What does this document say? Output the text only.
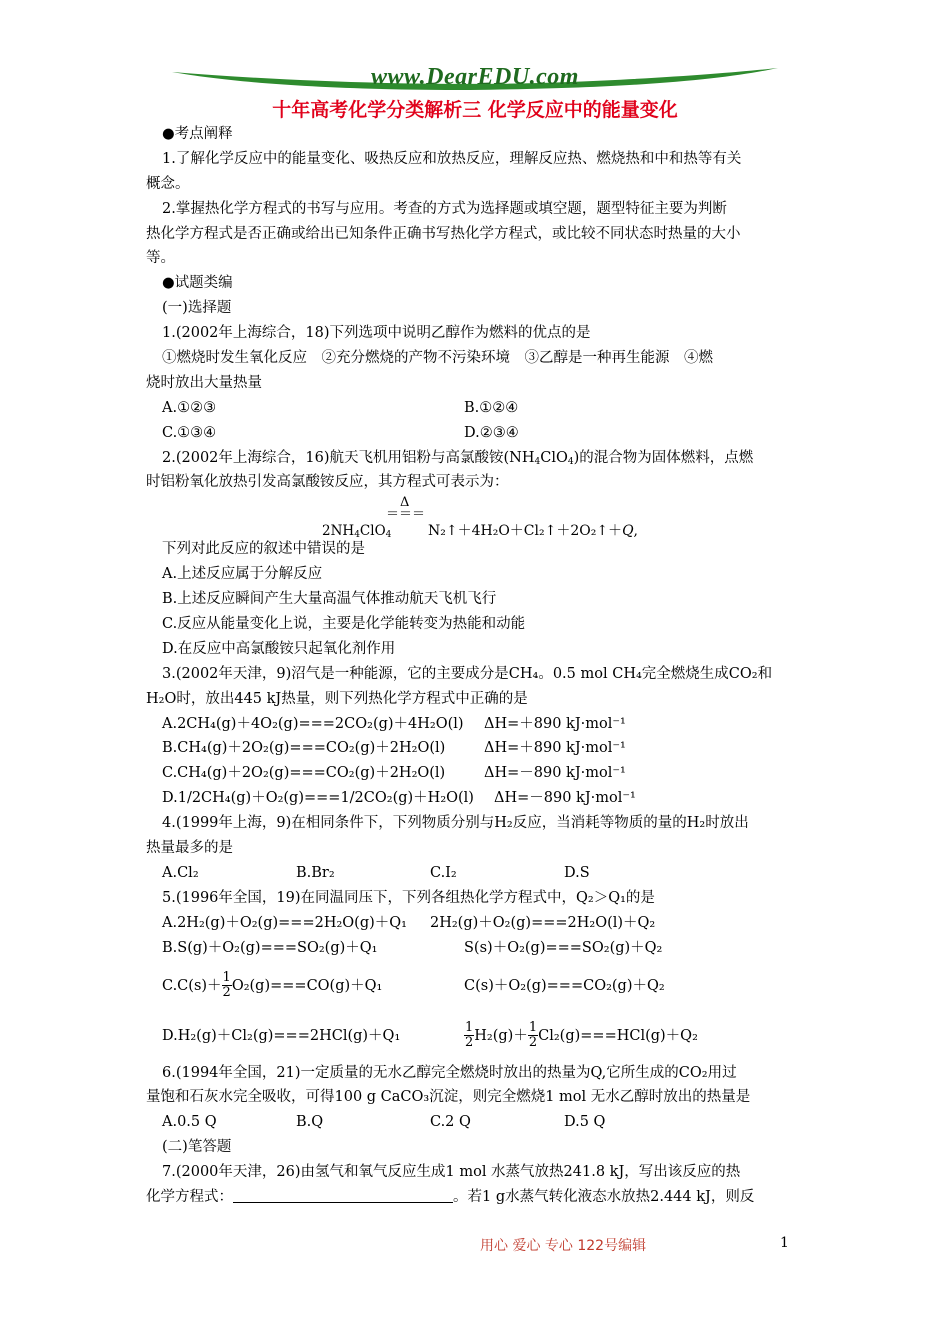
www.DearEDU.com
十年高考化学分类解析三 化学反应中的能量变化
●考点阐释
1.了解化学反应中的能量变化、吸热反应和放热反应，理解反应热、燃烧热和中和热等有关
概念。
2.掌握热化学方程式的书写与应用。考查的方式为选择题或填空题，题型特征主要为判断
热化学方程式是否正确或给出已知条件正确书写热化学方程式，或比较不同状态时热量的大小
等。
●试题类编
(一)选择题
1.(2002年上海综合，18)下列选项中说明乙醇作为燃料的优点的是
①燃烧时发生氧化反应　②充分燃烧的产物不污染环境　③乙醇是一种再生能源　④燃
烧时放出大量热量
A.①②③	B.①②④
C.①③④	D.②③④
2.(2002年上海综合，16)航天飞机用铝粉与高氯酸铵$(NH_4ClO_4)$的混合物为固体燃料，点燃
时铝粉氧化放热引发高氯酸铵反应，其方程式可表示为：
Δ
＝＝＝
$2NH_4ClO_4$	N₂↑＋4H₂O＋Cl₂↑＋2O₂↑＋Q,
下列对此反应的叙述中错误的是
A.上述反应属于分解反应
B.上述反应瞬间产生大量高温气体推动航天飞机飞行
C.反应从能量变化上说，主要是化学能转变为热能和动能
D.在反应中高氯酸铵只起氧化剂作用
3.(2002年天津，9)沼气是一种能源，它的主要成分是CH₄。0.5 mol CH₄完全燃烧生成CO₂和
H₂O时，放出445 kJ热量，则下列热化学方程式中正确的是
A.2CH₄(g)＋4O₂(g)===2CO₂(g)＋4H₂O(l) ΔH=＋890 kJ·mol⁻¹
B.CH₄(g)＋2O₂(g)===CO₂(g)＋2H₂O(l)	ΔH=＋890 kJ·mol⁻¹
C.CH₄(g)＋2O₂(g)===CO₂(g)＋2H₂O(l)	ΔH=－890 kJ·mol⁻¹
D.1/2CH₄(g)＋O₂(g)===1/2CO₂(g)＋H₂O(l) ΔH=－890 kJ·mol⁻¹
4.(1999年上海，9)在相同条件下，下列物质分别与H₂反应，当消耗等物质的量的H₂时放出
热量最多的是
A.Cl₂	B.Br₂	C.I₂	D.S
5.(1996年全国，19)在同温同压下，下列各组热化学方程式中，Q₂＞Q₁的是
A.2H₂(g)＋O₂(g)===2H₂O(g)＋Q₁ 2H₂(g)＋O₂(g)===2H₂O(l)＋Q₂
B.S(g)＋O₂(g)===SO₂(g)＋Q₁	S(s)＋O₂(g)===SO₂(g)＋Q₂
$C.C(s)+ \frac{1}{2} O_2(g)===CO(g)+Q_1$	C(s)＋O₂(g)===CO₂(g)＋Q₂
D.H₂(g)＋Cl₂(g)===2HCl(g)＋Q₁	$\frac{1}{2} H_2(g)+ \frac{1}{2} Cl_2(g)===HCl(g)+Q_2$
6.(1994年全国，21)一定质量的无水乙醇完全燃烧时放出的热量为Q,它所生成的CO₂用过
量饱和石灰水完全吸收，可得100 g CaCO₃沉淀，则完全燃烧1 mol 无水乙醇时放出的热量是
A.0.5 Q	B.Q	C.2 Q	D.5 Q
(二)笔答题
7.(2000年天津，26)由氢气和氧气反应生成1 mol 水蒸气放热241.8 kJ，写出该反应的热
化学方程式：	。若1 g水蒸气转化液态水放热2.444 kJ，则反
用心 爱心 专心 122号编辑	1
